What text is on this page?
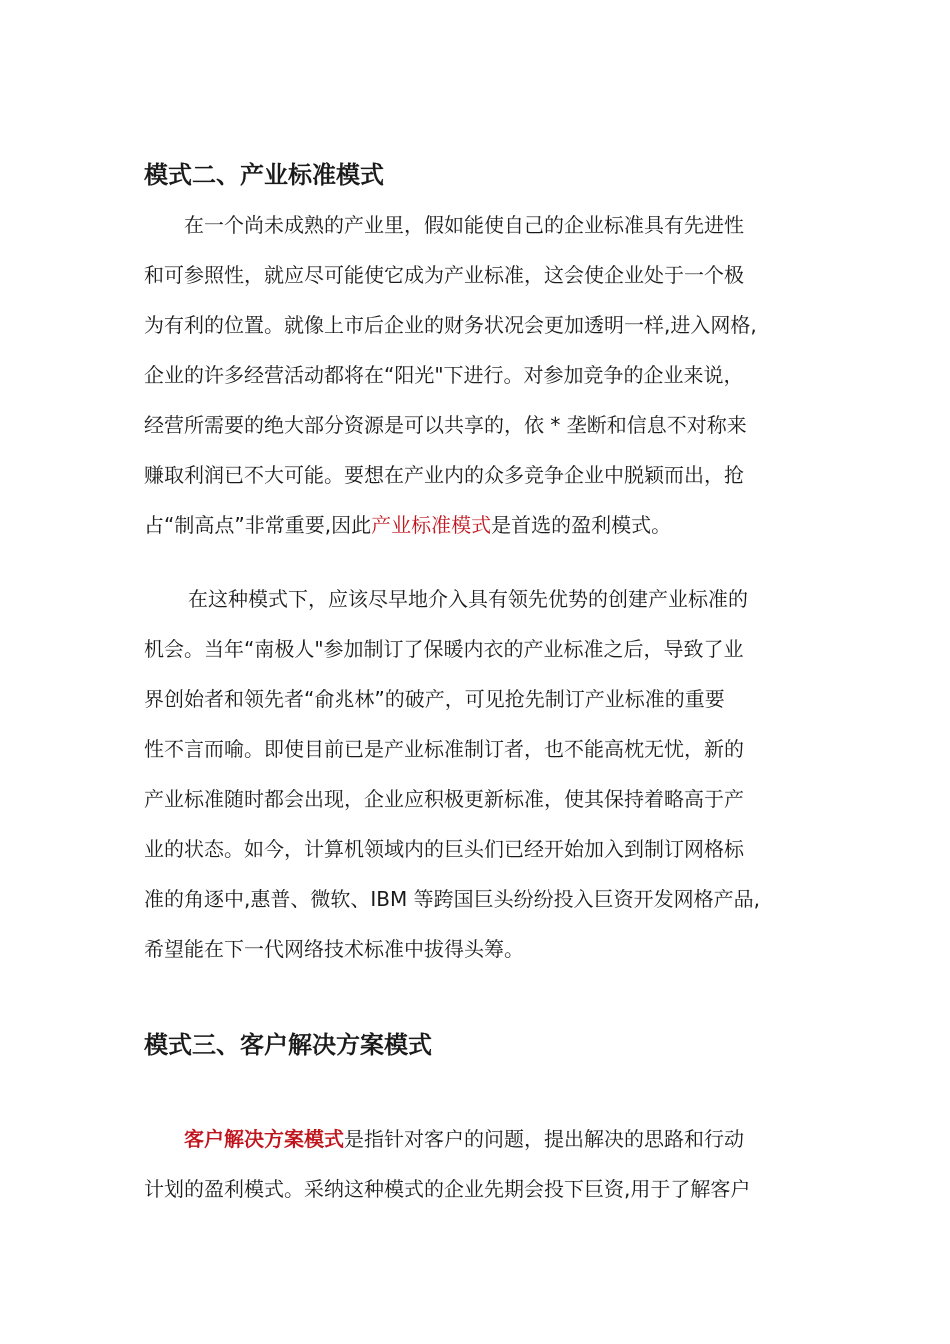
模式二、产业标准模式
在一个尚未成熟的产业里，假如能使自己的企业标准具有先进性
和可参照性，就应尽可能使它成为产业标准，这会使企业处于一个极
为有利的位置。就像上市后企业的财务状况会更加透明一样,进入网格,
企业的许多经营活动都将在“阳光"下进行。对参加竞争的企业来说，
经营所需要的绝大部分资源是可以共享的，依 * 垄断和信息不对称来
赚取利润已不大可能。要想在产业内的众多竞争企业中脱颖而出，抢
占“制高点”非常重要,因此产业标准模式是首选的盈利模式。
在这种模式下，应该尽早地介入具有领先优势的创建产业标准的
机会。当年“南极人"参加制订了保暖内衣的产业标准之后，导致了业
界创始者和领先者“俞兆林”的破产，可见抢先制订产业标准的重要
性不言而喻。即使目前已是产业标准制订者，也不能高枕无忧，新的
产业标准随时都会出现，企业应积极更新标准，使其保持着略高于产
业的状态。如今，计算机领域内的巨头们已经开始加入到制订网格标
准的角逐中,惠普、微软、IBM 等跨国巨头纷纷投入巨资开发网格产品,
希望能在下一代网络技术标准中拔得头筹。
模式三、客户解决方案模式
客户解决方案模式是指针对客户的问题，提出解决的思路和行动
计划的盈利模式。采纳这种模式的企业先期会投下巨资,用于了解客户
